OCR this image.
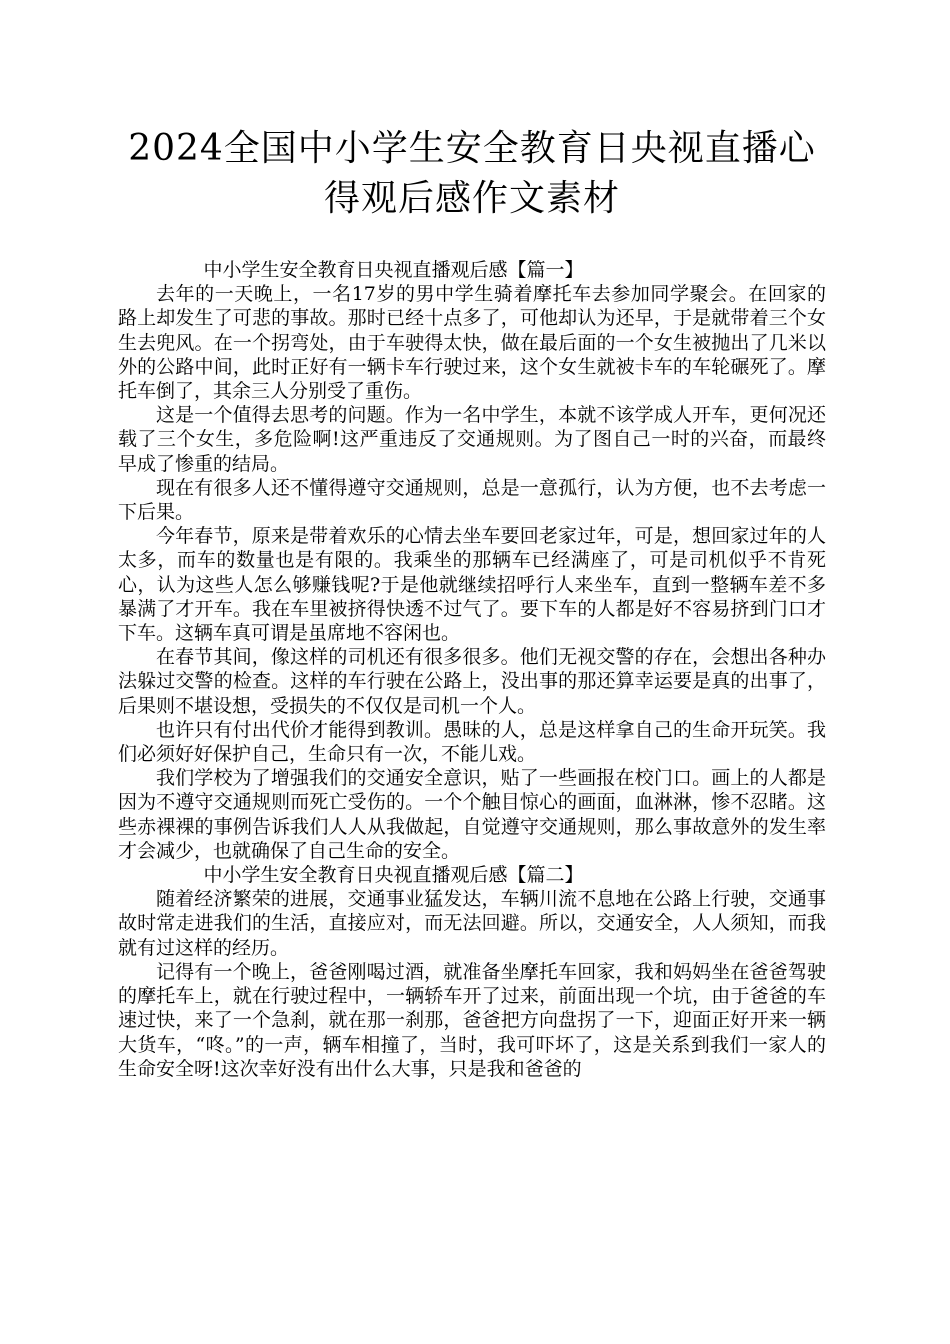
2024全国中小学生安全教育日央视直播心
得观后感作文素材

中小学生安全教育日央视直播观后感【篇一】

去年的一天晚上，一名17岁的男中学生骑着摩托车去参加同学聚会。在回家的路上却发生了可悲的事故。那时已经十点多了，可他却认为还早，于是就带着三个女生去兜风。在一个拐弯处，由于车驶得太快，做在最后面的一个女生被抛出了几米以外的公路中间，此时正好有一辆卡车行驶过来，这个女生就被卡车的车轮碾死了。摩托车倒了，其余三人分别受了重伤。

这是一个值得去思考的问题。作为一名中学生，本就不该学成人开车，更何况还载了三个女生，多危险啊!这严重违反了交通规则。为了图自己一时的兴奋，而最终早成了惨重的结局。

现在有很多人还不懂得遵守交通规则，总是一意孤行，认为方便，也不去考虑一下后果。

今年春节，原来是带着欢乐的心情去坐车要回老家过年，可是，想回家过年的人太多，而车的数量也是有限的。我乘坐的那辆车已经满座了，可是司机似乎不肯死心，认为这些人怎么够赚钱呢?于是他就继续招呼行人来坐车，直到一整辆车差不多暴满了才开车。我在车里被挤得快透不过气了。要下车的人都是好不容易挤到门口才下车。这辆车真可谓是虽席地不容闲也。

在春节其间，像这样的司机还有很多很多。他们无视交警的存在，会想出各种办法躲过交警的检查。这样的车行驶在公路上，没出事的那还算幸运要是真的出事了，后果则不堪设想，受损失的不仅仅是司机一个人。

也许只有付出代价才能得到教训。愚昧的人，总是这样拿自己的生命开玩笑。我们必须好好保护自己，生命只有一次，不能儿戏。

我们学校为了增强我们的交通安全意识，贴了一些画报在校门口。画上的人都是因为不遵守交通规则而死亡受伤的。一个个触目惊心的画面，血淋淋，惨不忍睹。这些赤裸裸的事例告诉我们人人从我做起，自觉遵守交通规则，那么事故意外的发生率才会减少，也就确保了自己生命的安全。

中小学生安全教育日央视直播观后感【篇二】

随着经济繁荣的进展，交通事业猛发达，车辆川流不息地在公路上行驶，交通事故时常走进我们的生活，直接应对，而无法回避。所以，交通安全，人人须知，而我就有过这样的经历。

记得有一个晚上，爸爸刚喝过酒，就准备坐摩托车回家，我和妈妈坐在爸爸驾驶的摩托车上，就在行驶过程中，一辆轿车开了过来，前面出现一个坑，由于爸爸的车速过快，来了一个急刹，就在那一刹那，爸爸把方向盘拐了一下，迎面正好开来一辆大货车，“咚。”的一声，辆车相撞了，当时，我可吓坏了，这是关系到我们一家人的生命安全呀!这次幸好没有出什么大事，只是我和爸爸的
